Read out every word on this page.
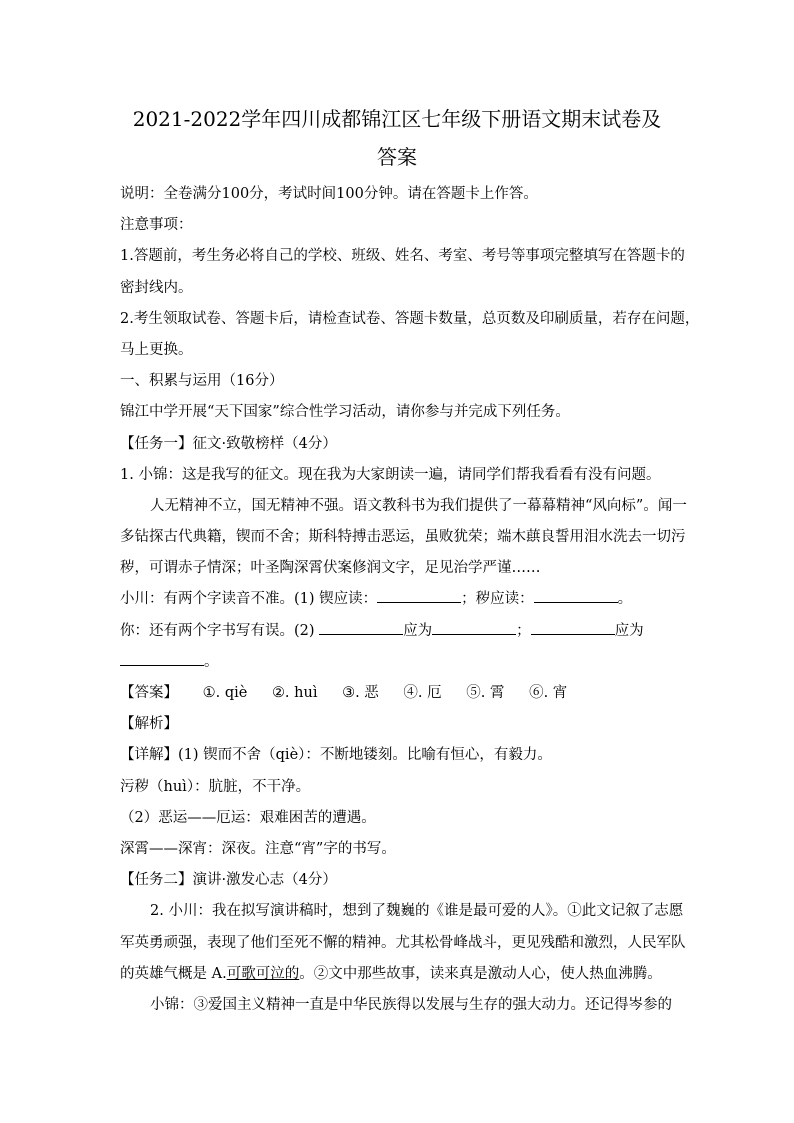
2021-2022学年四川成都锦江区七年级下册语文期末试卷及
答案
说明：全卷满分100分，考试时间100分钟。请在答题卡上作答。
注意事项：
1.答题前，考生务必将自己的学校、班级、姓名、考室、考号等事项完整填写在答题卡的
密封线内。
2.考生领取试卷、答题卡后，请检查试卷、答题卡数量，总页数及印刷质量，若存在问题，
马上更换。
一、积累与运用（16分）
锦江中学开展“天下国家”综合性学习活动，请你参与并完成下列任务。
【任务一】征文·致敬榜样（4分）
1. 小锦：这是我写的征文。现在我为大家朗读一遍，请同学们帮我看看有没有问题。
人无精神不立，国无精神不强。语文教科书为我们提供了一幕幕精神“风向标”。闻一
多钻探古代典籍，锲而不舍；斯科特搏击恶运，虽败犹荣；端木蕻良誓用泪水洗去一切污
秽，可谓赤子情深；叶圣陶深霄伏案修润文字，足见治学严谨……
小川：有两个字读音不准。(1) 锲应读：	；秽应读：	。
你：还有两个字书写有误。(2)	应为	；	应为
。
【答案】 ①. qiè ②. huì ③. 恶 ④. 厄 ⑤. 霄 ⑥. 宵
【解析】
【详解】(1) 锲而不舍（qiè）：不断地镂刻。比喻有恒心，有毅力。
污秽（huì）：肮脏，不干净。
（2）恶运——厄运：艰难困苦的遭遇。
深霄——深宵：深夜。注意“宵”字的书写。
【任务二】演讲·激发心志（4分）
2. 小川：我在拟写演讲稿时，想到了魏巍的《谁是最可爱的人》。①此文记叙了志愿
军英勇顽强，表现了他们至死不懈的精神。尤其松骨峰战斗，更见残酷和激烈，人民军队
的英雄气概是 A.可歌可泣的。②文中那些故事，读来真是激动人心，使人热血沸腾。
小锦：③爱国主义精神一直是中华民族得以发展与生存的强大动力。还记得岑参的
